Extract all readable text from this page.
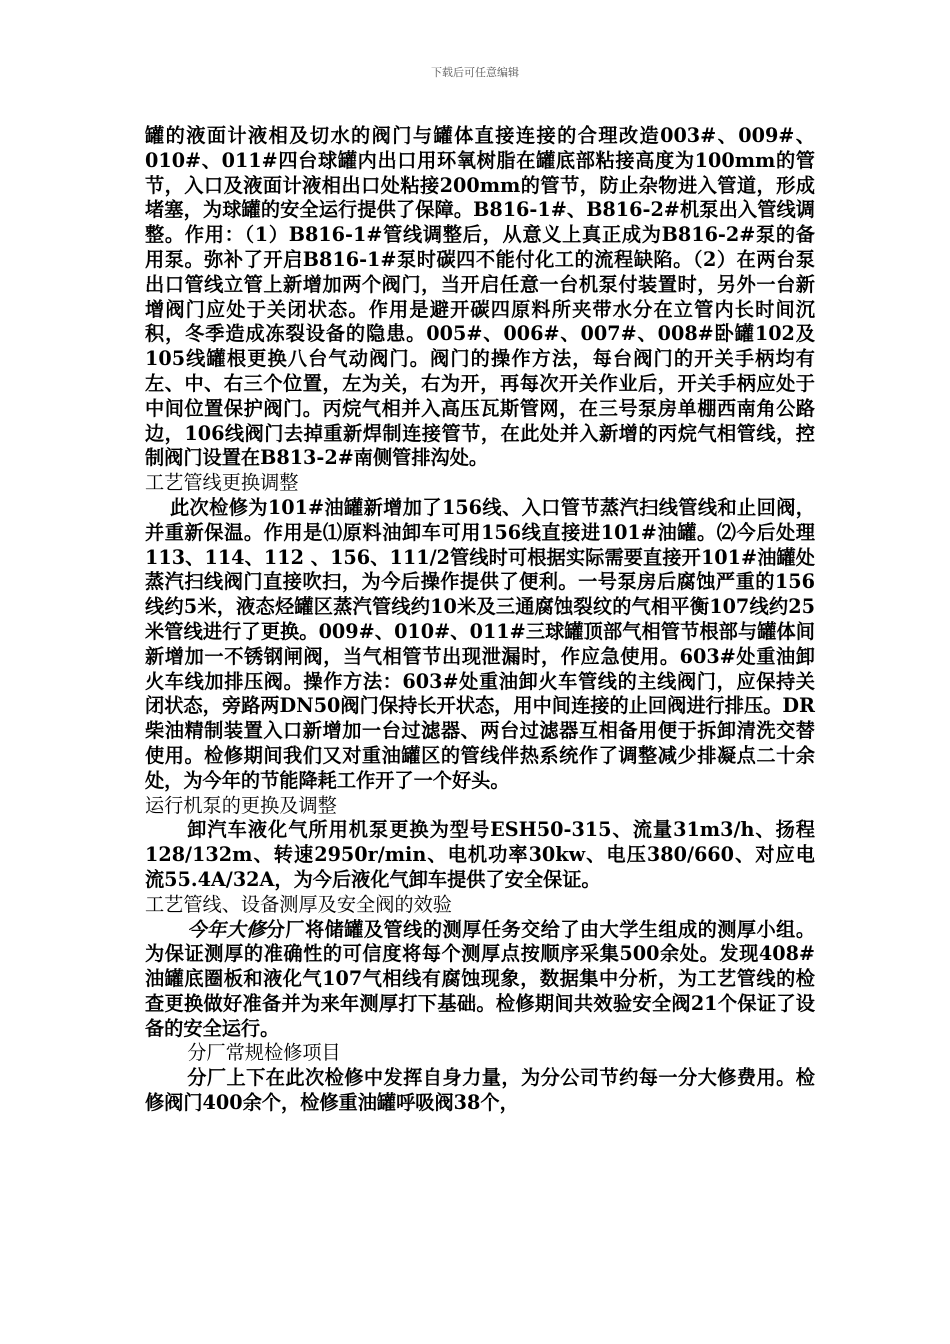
下载后可任意编辑

罐的液面计液相及切水的阀门与罐体直接连接的合理改造003#、009#、010#、011#四台球罐内出口用环氧树脂在罐底部粘接高度为100mm的管节，入口及液面计液相出口处粘接200mm的管节，防止杂物进入管道，形成堵塞，为球罐的安全运行提供了保障。B816-1#、B816-2#机泵出入管线调整。作用：（1）B816-1#管线调整后，从意义上真正成为B816-2#泵的备用泵。弥补了开启B816-1#泵时碳四不能付化工的流程缺陷。（2）在两台泵出口管线立管上新增加两个阀门，当开启任意一台机泵付装置时，另外一台新增阀门应处于关闭状态。作用是避开碳四原料所夹带水分在立管内长时间沉积，冬季造成冻裂设备的隐患。005#、006#、007#、008#卧罐102及105线罐根更换八台气动阀门。阀门的操作方法，每台阀门的开关手柄均有左、中、右三个位置，左为关，右为开，再每次开关作业后，开关手柄应处于中间位置保护阀门。丙烷气相并入高压瓦斯管网，在三号泵房单棚西南角公路边，106线阀门去掉重新焊制连接管节，在此处并入新增的丙烷气相管线，控制阀门设置在B813-2#南侧管排沟处。

工艺管线更换调整

此次检修为101#油罐新增加了156线、入口管节蒸汽扫线管线和止回阀，并重新保温。作用是⑴原料油卸车可用156线直接进101#油罐。⑵今后处理113、114、112 、156、111/2管线时可根据实际需要直接开101#油罐处蒸汽扫线阀门直接吹扫，为今后操作提供了便利。一号泵房后腐蚀严重的156线约5米，液态烃罐区蒸汽管线约10米及三通腐蚀裂纹的气相平衡107线约25米管线进行了更换。009#、010#、011#三球罐顶部气相管节根部与罐体间新增加一不锈钢闸阀，当气相管节出现泄漏时，作应急使用。603#处重油卸火车线加排压阀。操作方法：603#处重油卸火车管线的主线阀门，应保持关闭状态，旁路两DN50阀门保持长开状态，用中间连接的止回阀进行排压。DR柴油精制装置入口新增加一台过滤器、两台过滤器互相备用便于拆卸清洗交替使用。检修期间我们又对重油罐区的管线伴热系统作了调整减少排凝点二十余处，为今年的节能降耗工作开了一个好头。

运行机泵的更换及调整

卸汽车液化气所用机泵更换为型号ESH50-315、流量31m3/h、扬程128/132m、转速2950r/min、电机功率30kw、电压380/660、对应电流55.4A/32A，为今后液化气卸车提供了安全保证。

工艺管线、设备测厚及安全阀的效验

今年大修分厂将储罐及管线的测厚任务交给了由大学生组成的测厚小组。为保证测厚的准确性的可信度将每个测厚点按顺序采集500余处。发现408#油罐底圈板和液化气107气相线有腐蚀现象，数据集中分析，为工艺管线的检查更换做好准备并为来年测厚打下基础。检修期间共效验安全阀21个保证了设备的安全运行。

分厂常规检修项目

分厂上下在此次检修中发挥自身力量，为分公司节约每一分大修费用。检修阀门400余个，检修重油罐呼吸阀38个，
